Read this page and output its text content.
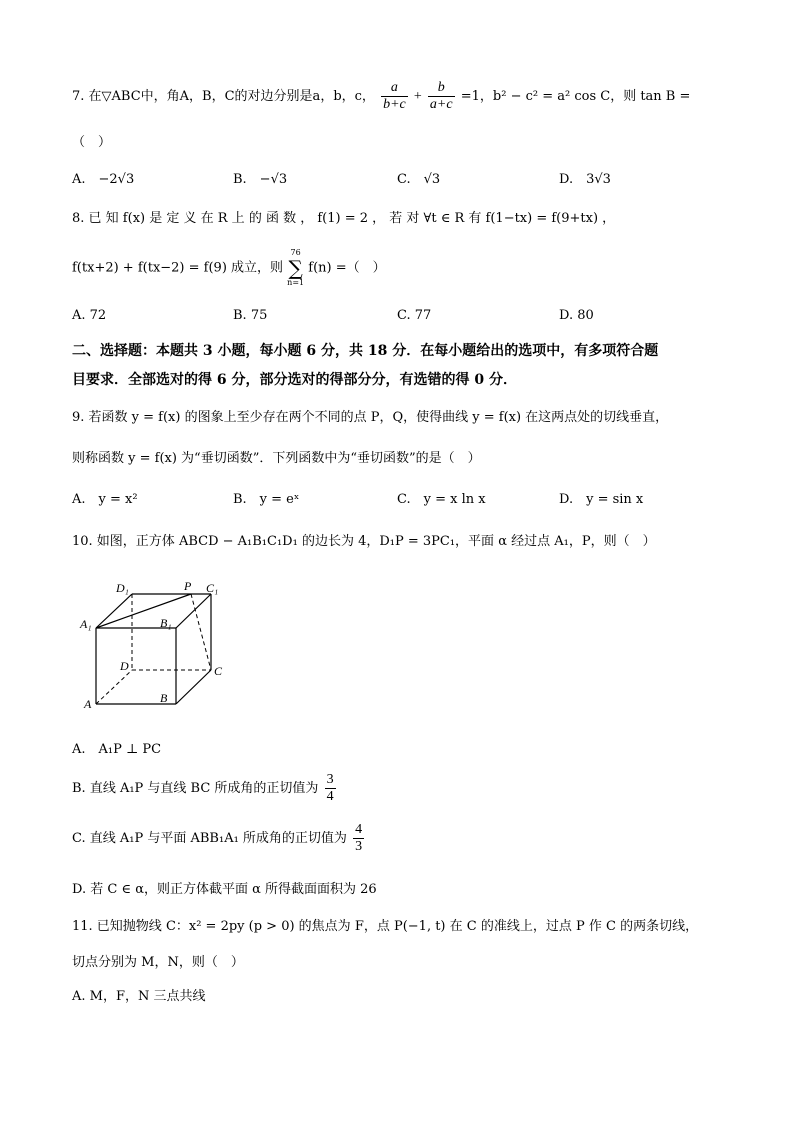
7. 在▽ABC中，角A，B，C的对边分别是a，b，c， $\frac{a}{b+c} + \frac{b}{a+c} =1$，b² − c² = a² cos C，则 tan B =
（　）
A.　−2√3	B.　−√3	C.　√3	D.　3√3
8. 已 知 f(x) 是 定 义 在 R 上 的 函 数 ， f(1) = 2 ， 若 对 ∀t ∈ R 有 f(1−tx) = f(9+tx) ，
f(tx+2) + f(tx−2) = f(9) 成立，则
76
∑
n=1
f(n) =（　）
A. 72	B. 75	C. 77	D. 80
二、选择题：本题共 3 小题，每小题 6 分，共 18 分．在每小题给出的选项中，有多项符合题
目要求．全部选对的得 6 分，部分选对的得部分分，有选错的得 0 分．
9. 若函数 y = f(x) 的图象上至少存在两个不同的点 P，Q，使得曲线 y = f(x) 在这两点处的切线垂直，
则称函数 y = f(x) 为“垂切函数”．下列函数中为“垂切函数”的是（　）
A.　y = x²	B.　y = eˣ	C.　y = x ln x	D.　y = sin x
10. 如图，正方体 ABCD − A₁B₁C₁D₁ 的边长为 4，D₁P = 3PC₁，平面 α 经过点 A₁，P，则（　）
D₁	P C₁
A₁	B₁
D	C
A	B
A.　A₁P ⊥ PC
B. 直线 A₁P 与直线 BC 所成角的正切值为 $\frac{3}{4}$
C. 直线 A₁P 与平面 ABB₁A₁ 所成角的正切值为 $\frac{4}{3}$
D. 若 C ∈ α，则正方体截平面 α 所得截面面积为 26
11. 已知抛物线 C：x² = 2py (p > 0) 的焦点为 F，点 P(−1, t) 在 C 的准线上，过点 P 作 C 的两条切线，
切点分别为 M，N，则（　）
A. M，F，N 三点共线
